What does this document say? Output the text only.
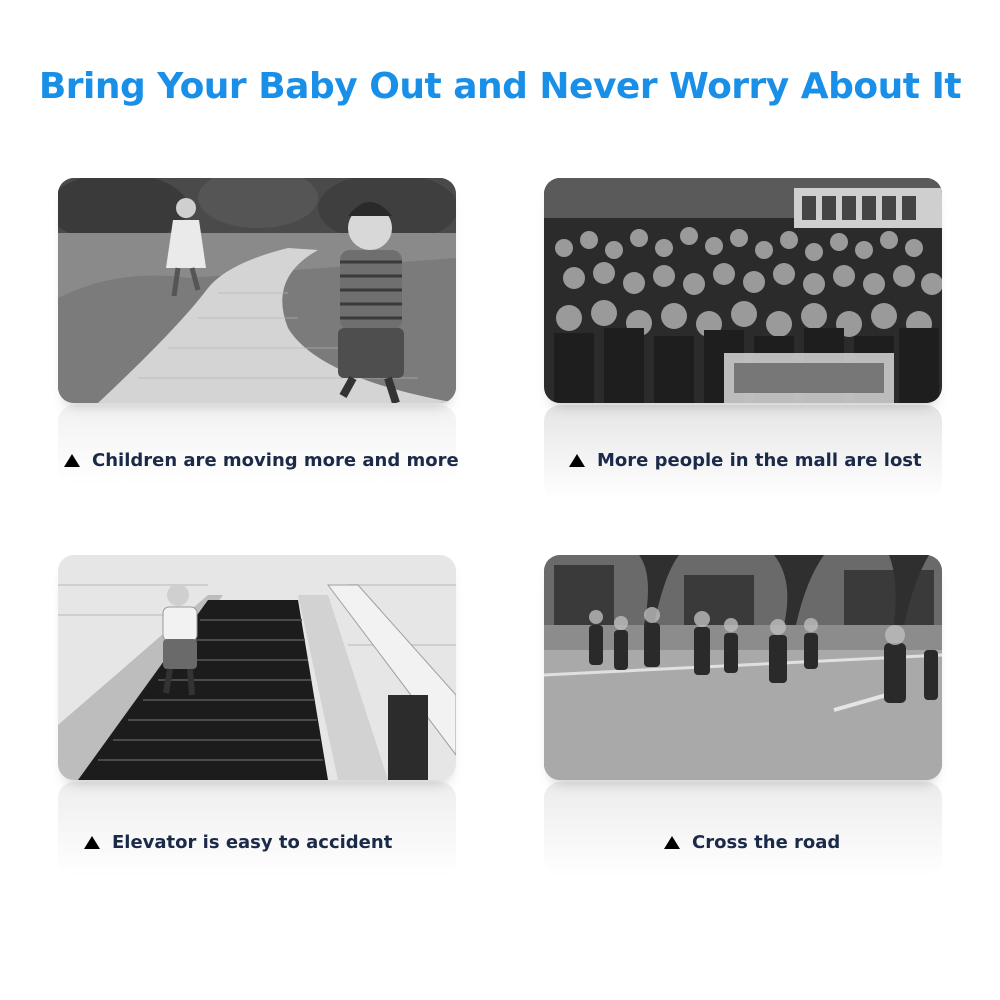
Bring Your Baby Out and Never Worry About It
Children are moving more and more	More people in the mall are lost
Elevator is easy to accident	Cross the road
